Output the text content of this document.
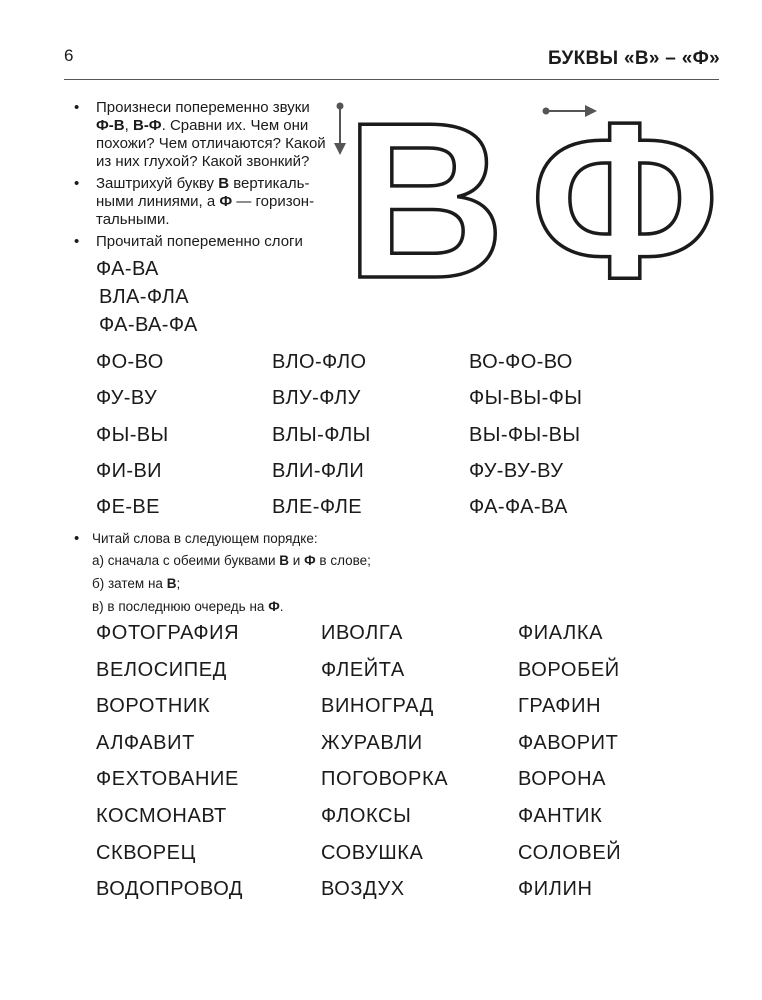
6	БУКВЫ «В» – «Ф»
• Произнеси попеременно звуки
Ф-В, В-Ф. Сравни их. Чем они
похожи? Чем отличаются? Какой
из них глухой? Какой звонкий?
• Заштрихуй букву В вертикаль-
ными линиями, а Ф — горизон-
тальными.
• Прочитай попеременно слоги В Ф
ФА-ВА
ВЛА-ФЛА
ФА-ВА-ФА
ФО-ВО
ФУ-ВУ
ФЫ-ВЫ
ФИ-ВИ
ФЕ-ВЕ
ВЛО-ФЛО
ВЛУ-ФЛУ
ВЛЫ-ФЛЫ
ВЛИ-ФЛИ
ВЛЕ-ФЛЕ
ВО-ФО-ВО
ФЫ-ВЫ-ФЫ
ВЫ-ФЫ-ВЫ
ФУ-ВУ-ВУ
ФА-ФА-ВА
• Читай слова в следующем порядке:
а) сначала с обеими буквами В и Ф в слове;
б) затем на В;
в) в последнюю очередь на Ф.
ФОТОГРАФИЯ
ВЕЛОСИПЕД
ВОРОТНИК
АЛФАВИТ
ФЕХТОВАНИЕ
КОСМОНАВТ
СКВОРЕЦ
ВОДОПРОВОД
ИВОЛГА
ФЛЕЙТА
ВИНОГРАД
ЖУРАВЛИ
ПОГОВОРКА
ФЛОКСЫ
СОВУШКА
ВОЗДУХ
ФИАЛКА
ВОРОБЕЙ
ГРАФИН
ФАВОРИТ
ВОРОНА
ФАНТИК
СОЛОВЕЙ
ФИЛИН
